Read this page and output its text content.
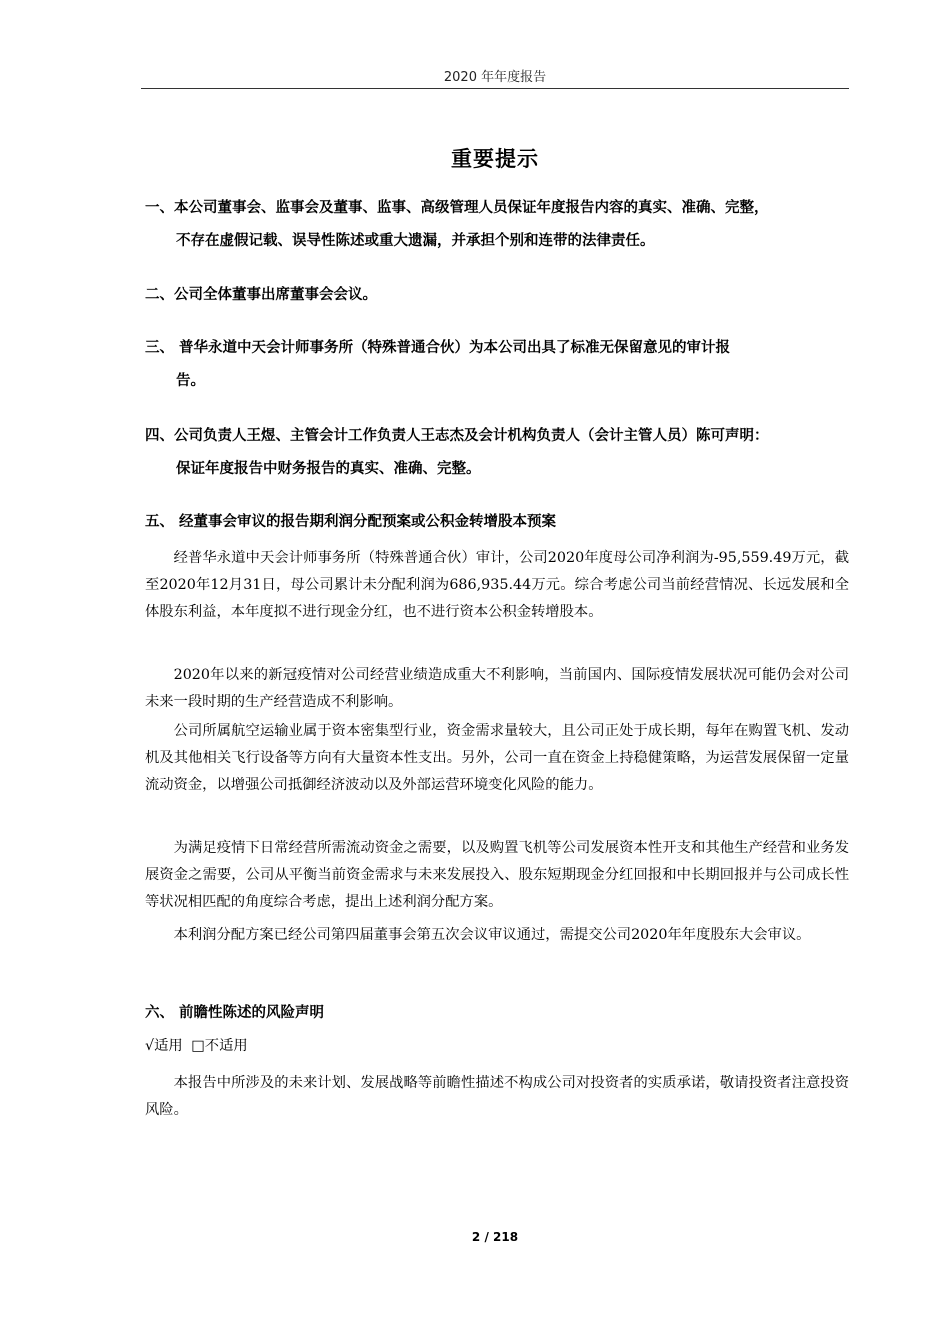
2020 年年度报告
重要提示
一、本公司董事会、监事会及董事、监事、高级管理人员保证年度报告内容的真实、准确、完整，
不存在虚假记载、误导性陈述或重大遗漏，并承担个别和连带的法律责任。
二、公司全体董事出席董事会会议。
三、 普华永道中天会计师事务所（特殊普通合伙）为本公司出具了标准无保留意见的审计报
告。
四、公司负责人王煜、主管会计工作负责人王志杰及会计机构负责人（会计主管人员）陈可声明：
保证年度报告中财务报告的真实、准确、完整。
五、 经董事会审议的报告期利润分配预案或公积金转增股本预案
经普华永道中天会计师事务所（特殊普通合伙）审计，公司2020年度母公司净利润为-95,559.49万元，截至2020年12月31日，母公司累计未分配利润为686,935.44万元。综合考虑公司当前经营情况、长远发展和全体股东利益，本年度拟不进行现金分红，也不进行资本公积金转增股本。
2020年以来的新冠疫情对公司经营业绩造成重大不利影响，当前国内、国际疫情发展状况可能仍会对公司未来一段时期的生产经营造成不利影响。
公司所属航空运输业属于资本密集型行业，资金需求量较大，且公司正处于成长期，每年在购置飞机、发动机及其他相关飞行设备等方向有大量资本性支出。另外，公司一直在资金上持稳健策略，为运营发展保留一定量流动资金，以增强公司抵御经济波动以及外部运营环境变化风险的能力。
为满足疫情下日常经营所需流动资金之需要，以及购置飞机等公司发展资本性开支和其他生产经营和业务发展资金之需要，公司从平衡当前资金需求与未来发展投入、股东短期现金分红回报和中长期回报并与公司成长性等状况相匹配的角度综合考虑，提出上述利润分配方案。
本利润分配方案已经公司第四届董事会第五次会议审议通过，需提交公司2020年年度股东大会审议。
六、 前瞻性陈述的风险声明
√适用 □不适用
本报告中所涉及的未来计划、发展战略等前瞻性描述不构成公司对投资者的实质承诺，敬请投资者注意投资风险。
2 / 218
